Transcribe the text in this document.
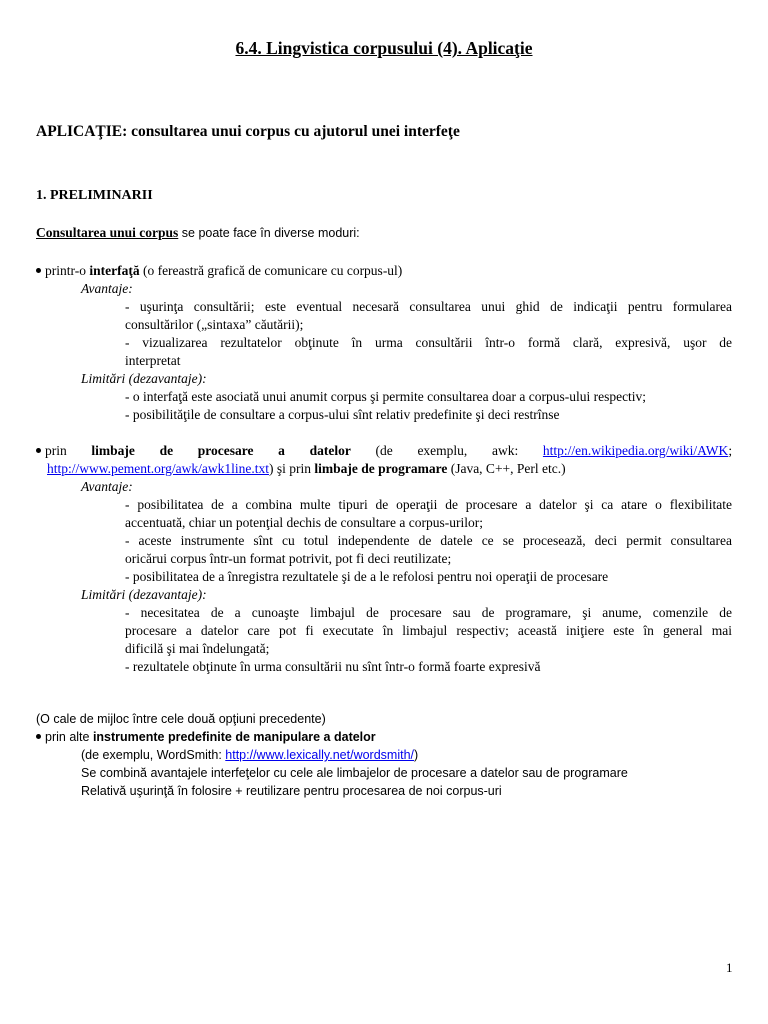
6.4. Lingvistica corpusului (4). Aplicaţie
APLICAŢIE: consultarea unui corpus cu ajutorul unei interfeţe
1. PRELIMINARII
Consultarea unui corpus se poate face în diverse moduri:
printr-o interfaţă (o fereastră grafică de comunicare cu corpus-ul)
Avantaje:
- uşurinţa consultării; este eventual necesară consultarea unui ghid de indicaţii pentru formularea
consultărilor („sintaxa” căutării);
- vizualizarea rezultatelor obţinute în urma consultării într-o formă clară, expresivă, uşor de
interpretat
Limitări (dezavantaje):
- o interfaţă este asociată unui anumit corpus şi permite consultarea doar a corpus-ului respectiv;
- posibilităţile de consultare a corpus-ului sînt relativ predefinite şi deci restrînse
prin limbaje de procesare a datelor (de exemplu, awk: http://en.wikipedia.org/wiki/AWK;
http://www.pement.org/awk/awk1line.txt) şi prin limbaje de programare (Java, C++, Perl etc.)
Avantaje:
- posibilitatea de a combina multe tipuri de operaţii de procesare a datelor şi ca atare o flexibilitate
accentuată, chiar un potenţial dechis de consultare a corpus-urilor;
- aceste instrumente sînt cu totul independente de datele ce se procesează, deci permit consultarea
oricărui corpus într-un format potrivit, pot fi deci reutilizate;
- posibilitatea de a înregistra rezultatele şi de a le refolosi pentru noi operaţii de procesare
Limitări (dezavantaje):
- necesitatea de a cunoaşte limbajul de procesare sau de programare, şi anume, comenzile de
procesare a datelor care pot fi executate în limbajul respectiv; această iniţiere este în general mai
dificilă şi mai îndelungată;
- rezultatele obţinute în urma consultării nu sînt într-o formă foarte expresivă
(O cale de mijloc între cele două opţiuni precedente)
prin alte instrumente predefinite de manipulare a datelor
(de exemplu, WordSmith: http://www.lexically.net/wordsmith/)
Se combină avantajele interfeţelor cu cele ale limbajelor de procesare a datelor sau de programare
Relativă uşurinţă în folosire + reutilizare pentru procesarea de noi corpus-uri
1
